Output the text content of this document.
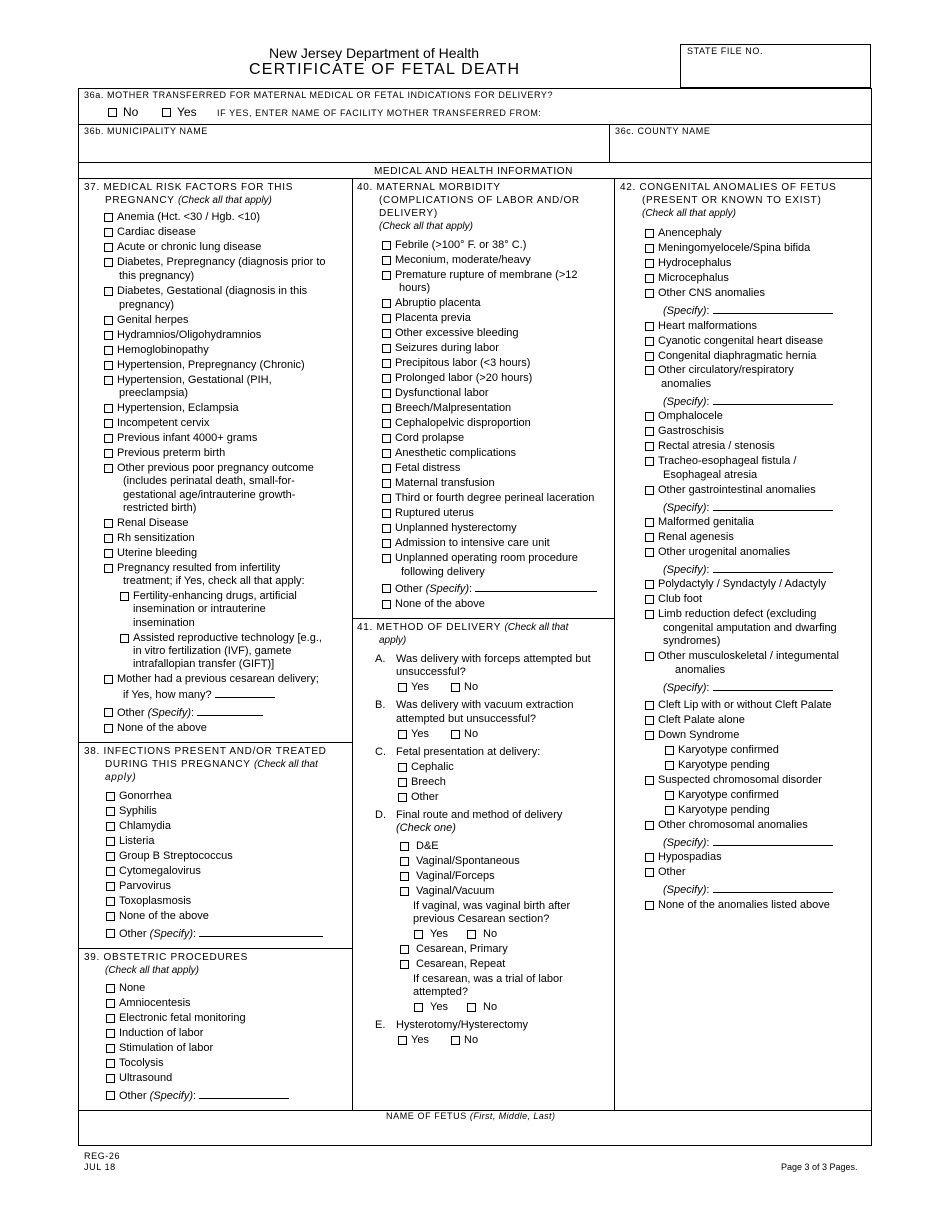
New Jersey Department of Health
CERTIFICATE OF FETAL DEATH
STATE FILE NO.
36a. MOTHER TRANSFERRED FOR MATERNAL MEDICAL OR FETAL INDICATIONS FOR DELIVERY?
No	Yes IF YES, ENTER NAME OF FACILITY MOTHER TRANSFERRED FROM:
36b. MUNICIPALITY NAME	36c. COUNTY NAME
MEDICAL AND HEALTH INFORMATION
37. MEDICAL RISK FACTORS FOR THIS
PREGNANCY (Check all that apply)
Anemia (Hct. <30 / Hgb. <10)
Cardiac disease
Acute or chronic lung disease
Diabetes, Prepregnancy (diagnosis prior to
this pregnancy)
Diabetes, Gestational (diagnosis in this
pregnancy)
Genital herpes
Hydramnios/Oligohydramnios
Hemoglobinopathy
Hypertension, Prepregnancy (Chronic)
Hypertension, Gestational (PIH,
preeclampsia)
Hypertension, Eclampsia
Incompetent cervix
Previous infant 4000+ grams
Previous preterm birth
Other previous poor pregnancy outcome
(includes perinatal death, small-for-
gestational age/intrauterine growth-
restricted birth)
Renal Disease
Rh sensitization
Uterine bleeding
Pregnancy resulted from infertility
treatment; if Yes, check all that apply:
Fertility-enhancing drugs, artificial
insemination or intrauterine
insemination
Assisted reproductive technology [e.g.,
in vitro fertilization (IVF), gamete
intrafallopian transfer (GIFT)]
Mother had a previous cesarean delivery;
if Yes, how many?
Other (Specify):
None of the above
38. INFECTIONS PRESENT AND/OR TREATED
DURING THIS PREGNANCY (Check all that
apply)
Gonorrhea
Syphilis
Chlamydia
Listeria
Group B Streptococcus
Cytomegalovirus
Parvovirus
Toxoplasmosis
None of the above
Other (Specify):
39. OBSTETRIC PROCEDURES
(Check all that apply)
None
Amniocentesis
Electronic fetal monitoring
Induction of labor
Stimulation of labor
Tocolysis
Ultrasound
Other (Specify):
40. MATERNAL MORBIDITY
(COMPLICATIONS OF LABOR AND/OR
DELIVERY)
(Check all that apply)
Febrile (>100° F. or 38° C.)
Meconium, moderate/heavy
Premature rupture of membrane (>12
hours)
Abruptio placenta
Placenta previa
Other excessive bleeding
Seizures during labor
Precipitous labor (<3 hours)
Prolonged labor (>20 hours)
Dysfunctional labor
Breech/Malpresentation
Cephalopelvic disproportion
Cord prolapse
Anesthetic complications
Fetal distress
Maternal transfusion
Third or fourth degree perineal laceration
Ruptured uterus
Unplanned hysterectomy
Admission to intensive care unit
Unplanned operating room procedure
following delivery
Other (Specify):
None of the above
41. METHOD OF DELIVERY (Check all that
apply)
A. Was delivery with forceps attempted but
unsuccessful?
Yes	No
B. Was delivery with vacuum extraction
attempted but unsuccessful?
Yes	No
C. Fetal presentation at delivery:
Cephalic
Breech
Other
D. Final route and method of delivery
(Check one)
D&E
Vaginal/Spontaneous
Vaginal/Forceps
Vaginal/Vacuum
If vaginal, was vaginal birth after
previous Cesarean section?
Yes	No
Cesarean, Primary
Cesarean, Repeat
If cesarean, was a trial of labor
attempted?
Yes	No
E. Hysterotomy/Hysterectomy
Yes	No
42. CONGENITAL ANOMALIES OF FETUS
(PRESENT OR KNOWN TO EXIST)
(Check all that apply)
Anencephaly
Meningomyelocele/Spina bifida
Hydrocephalus
Microcephalus
Other CNS anomalies
(Specify):
Heart malformations
Cyanotic congenital heart disease
Congenital diaphragmatic hernia
Other circulatory/respiratory
anomalies
(Specify):
Omphalocele
Gastroschisis
Rectal atresia / stenosis
Tracheo-esophageal fistula /
Esophageal atresia
Other gastrointestinal anomalies
(Specify):
Malformed genitalia
Renal agenesis
Other urogenital anomalies
(Specify):
Polydactyly / Syndactyly / Adactyly
Club foot
Limb reduction defect (excluding
congenital amputation and dwarfing
syndromes)
Other musculoskeletal / integumental
anomalies
(Specify):
Cleft Lip with or without Cleft Palate
Cleft Palate alone
Down Syndrome
Karyotype confirmed
Karyotype pending
Suspected chromosomal disorder
Karyotype confirmed
Karyotype pending
Other chromosomal anomalies
(Specify):
Hypospadias
Other
(Specify):
None of the anomalies listed above
NAME OF FETUS (First, Middle, Last)
REG-26
JUL 18	Page 3 of 3 Pages.
